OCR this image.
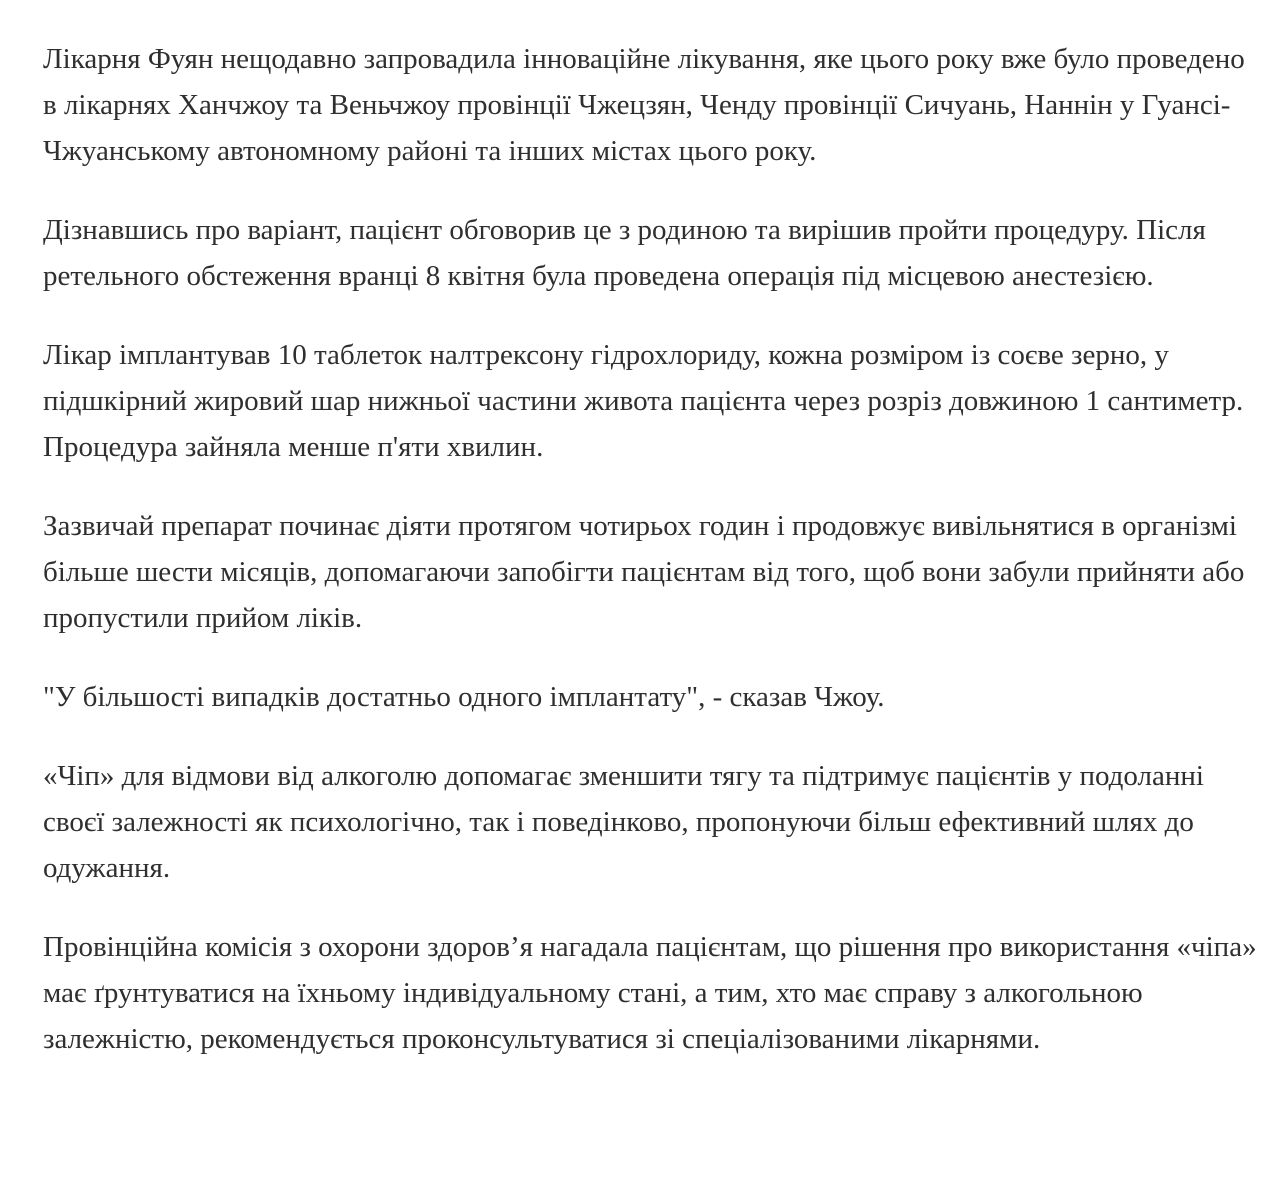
Лікарня Фуян нещодавно запровадила інноваційне лікування, яке цього року вже було проведено в лікарнях Ханчжоу та Веньчжоу провінції Чжецзян, Ченду провінції Сичуань, Наннін у Гуансі-Чжуанському автономному районі та інших містах цього року.

Дізнавшись про варіант, пацієнт обговорив це з родиною та вирішив пройти процедуру. Після ретельного обстеження вранці 8 квітня була проведена операція під місцевою анестезією.

Лікар імплантував 10 таблеток налтрексону гідрохлориду, кожна розміром із соєве зерно, у підшкірний жировий шар нижньої частини живота пацієнта через розріз довжиною 1 сантиметр. Процедура зайняла менше п'яти хвилин.

Зазвичай препарат починає діяти протягом чотирьох годин і продовжує вивільнятися в організмі більше шести місяців, допомагаючи запобігти пацієнтам від того, щоб вони забули прийняти або пропустили прийом ліків.

"У більшості випадків достатньо одного імплантату", - сказав Чжоу.

«Чіп» для відмови від алкоголю допомагає зменшити тягу та підтримує пацієнтів у подоланні своєї залежності як психологічно, так і поведінково, пропонуючи більш ефективний шлях до одужання.

Провінційна комісія з охорони здоров’я нагадала пацієнтам, що рішення про використання «чіпа» має ґрунтуватися на їхньому індивідуальному стані, а тим, хто має справу з алкогольною залежністю, рекомендується проконсультуватися зі спеціалізованими лікарнями.
